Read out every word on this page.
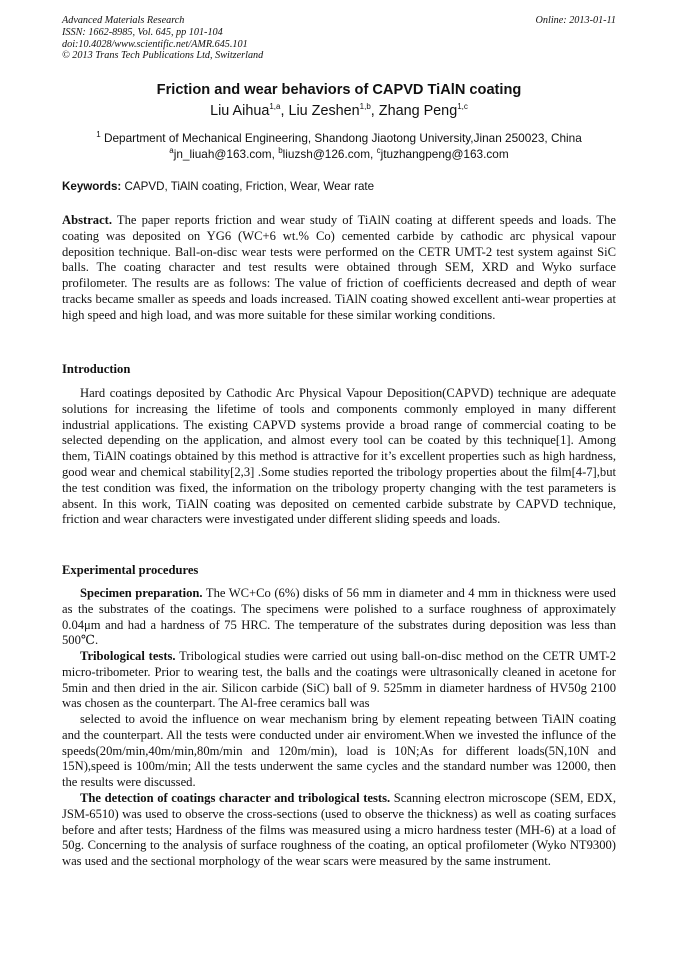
Advanced Materials Research
ISSN: 1662-8985, Vol. 645, pp 101-104
doi:10.4028/www.scientific.net/AMR.645.101
© 2013 Trans Tech Publications Ltd, Switzerland
Online: 2013-01-11
Friction and wear behaviors of CAPVD TiAlN coating
Liu Aihua$^{1,a}$, Liu Zeshen$^{1,b}$, Zhang Peng$^{1,c}$
$^1$ Department of Mechanical Engineering, Shandong Jiaotong University,Jinan 250023, China
$^a$jn_liuah@163.com, $^b$liuzsh@126.com, $^c$jtuzhangpeng@163.com
Keywords: CAPVD, TiAlN coating, Friction, Wear, Wear rate

Abstract. The paper reports friction and wear study of TiAlN coating at different speeds and loads. The coating was deposited on YG6 (WC+6 wt.% Co) cemented carbide by cathodic arc physical vapour deposition technique. Ball-on-disc wear tests were performed on the CETR UMT-2 test system against SiC balls. The coating character and test results were obtained through SEM, XRD and Wyko surface profilometer. The results are as follows: The value of friction of coefficients decreased and depth of wear tracks became smaller as speeds and loads increased. TiAlN coating showed excellent anti-wear properties at high speed and high load, and was more suitable for these similar working conditions.

Introduction

Hard coatings deposited by Cathodic Arc Physical Vapour Deposition(CAPVD) technique are adequate solutions for increasing the lifetime of tools and components commonly employed in many different industrial applications. The existing CAPVD systems provide a broad range of commercial coating to be selected depending on the application, and almost every tool can be coated by this technique[1]. Among them, TiAlN coatings obtained by this method is attractive for it’s excellent properties such as high hardness, good wear and chemical stability[2,3] .Some studies reported the tribology properties about the film[4-7],but the test condition was fixed, the information on the tribology property changing with the test parameters is absent. In this work, TiAlN coating was deposited on cemented carbide substrate by CAPVD technique, friction and wear characters were investigated under different sliding speeds and loads.

Experimental procedures

Specimen preparation. The WC+Co (6%) disks of 56 mm in diameter and 4 mm in thickness were used as the substrates of the coatings. The specimens were polished to a surface roughness of approximately 0.04μm and had a hardness of 75 HRC. The temperature of the substrates during deposition was less than 500℃.

Tribological tests. Tribological studies were carried out using ball-on-disc method on the CETR UMT-2 micro-tribometer. Prior to wearing test, the balls and the coatings were ultrasonically cleaned in acetone for 5min and then dried in the air. Silicon carbide (SiC) ball of 9. 525mm in diameter hardness of HV50g 2100 was chosen as the counterpart. The Al-free ceramics ball was

selected to avoid the influence on wear mechanism bring by element repeating between TiAlN coating and the counterpart. All the tests were conducted under air enviroment.When we invested the influnce of the speeds(20m/min,40m/min,80m/min and 120m/min), load is 10N;As for different loads(5N,10N and 15N),speed is 100m/min; All the tests underwent the same cycles and the standard number was 12000, then the results were discussed.

The detection of coatings character and tribological tests. Scanning electron microscope (SEM, EDX, JSM-6510) was used to observe the cross-sections (used to observe the thickness) as well as coating surfaces before and after tests; Hardness of the films was measured using a micro hardness tester (MH-6) at a load of 50g. Concerning to the analysis of surface roughness of the coating, an optical profilometer (Wyko NT9300) was used and the sectional morphology of the wear scars were measured by the same instrument.
